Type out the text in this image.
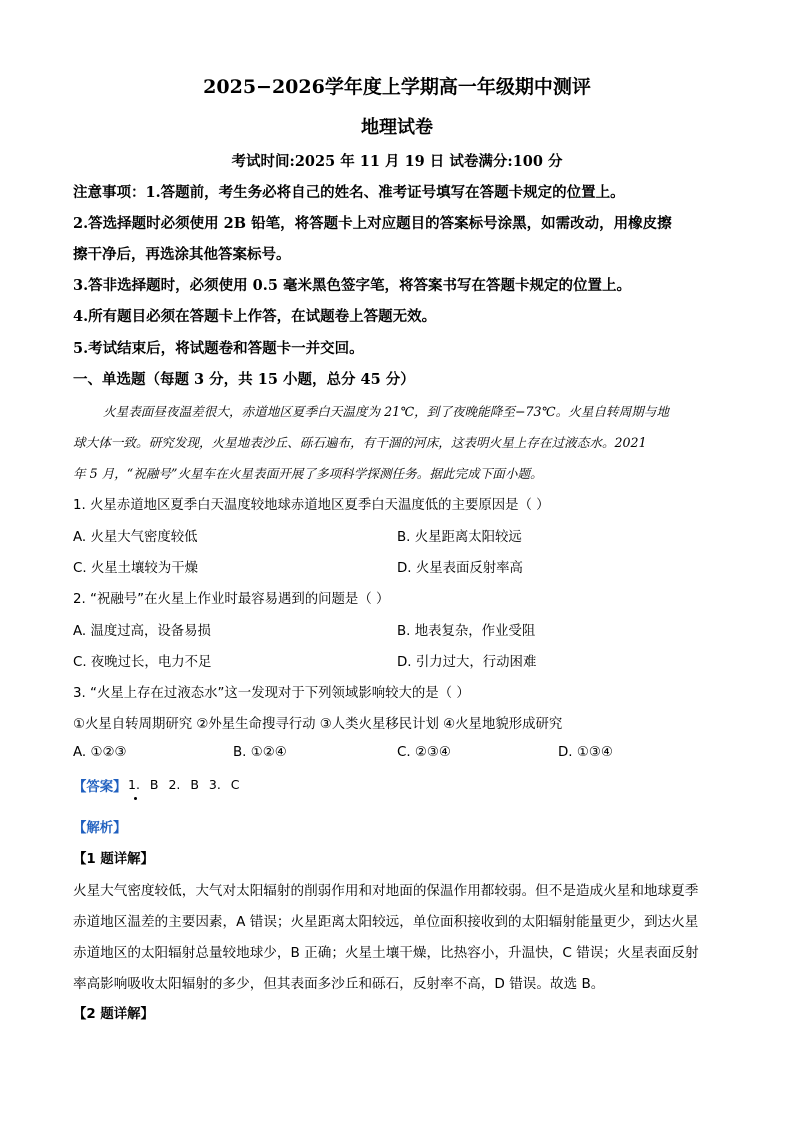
2025−2026学年度上学期高一年级期中测评
地理试卷
考试时间:2025 年 11 月 19 日 试卷满分:100 分
注意事项：1.答题前，考生务必将自己的姓名、准考证号填写在答题卡规定的位置上。
2.答选择题时必须使用 2B 铅笔，将答题卡上对应题目的答案标号涂黑，如需改动，用橡皮擦
擦干净后，再选涂其他答案标号。
3.答非选择题时，必须使用 0.5 毫米黑色签字笔，将答案书写在答题卡规定的位置上。
4.所有题目必须在答题卡上作答，在试题卷上答题无效。
5.考试结束后，将试题卷和答题卡一并交回。
一、单选题（每题 3 分，共 15 小题，总分 45 分）
火星表面昼夜温差很大，赤道地区夏季白天温度为 21℃，到了夜晚能降至−73℃。火星自转周期与地
球大体一致。研究发现，火星地表沙丘、砾石遍布，有干涸的河床，这表明火星上存在过液态水。2021
年 5 月，“祝融号”火星车在火星表面开展了多项科学探测任务。据此完成下面小题。
1. 火星赤道地区夏季白天温度较地球赤道地区夏季白天温度低的主要原因是（ ）
A. 火星大气密度较低	B. 火星距离太阳较远
C. 火星土壤较为干燥	D. 火星表面反射率高
2. “祝融号”在火星上作业时最容易遇到的问题是（ ）
A. 温度过高，设备易损	B. 地表复杂，作业受阻
C. 夜晚过长，电力不足	D. 引力过大，行动困难
3. “火星上存在过液态水”这一发现对于下列领域影响较大的是（ ）
①火星自转周期研究 ②外星生命搜寻行动 ③人类火星移民计划 ④火星地貌形成研究
A. ①②③	B. ①②④	C. ②③④	D. ①③④
【答案】 1. B 2. B 3. C
【解析】
【1 题详解】
火星大气密度较低，大气对太阳辐射的削弱作用和对地面的保温作用都较弱。但不是造成火星和地球夏季
赤道地区温差的主要因素，A 错误；火星距离太阳较远，单位面积接收到的太阳辐射能量更少，到达火星
赤道地区的太阳辐射总量较地球少，B 正确；火星土壤干燥，比热容小，升温快，C 错误；火星表面反射
率高影响吸收太阳辐射的多少，但其表面多沙丘和砾石，反射率不高，D 错误。故选 B。
【2 题详解】
